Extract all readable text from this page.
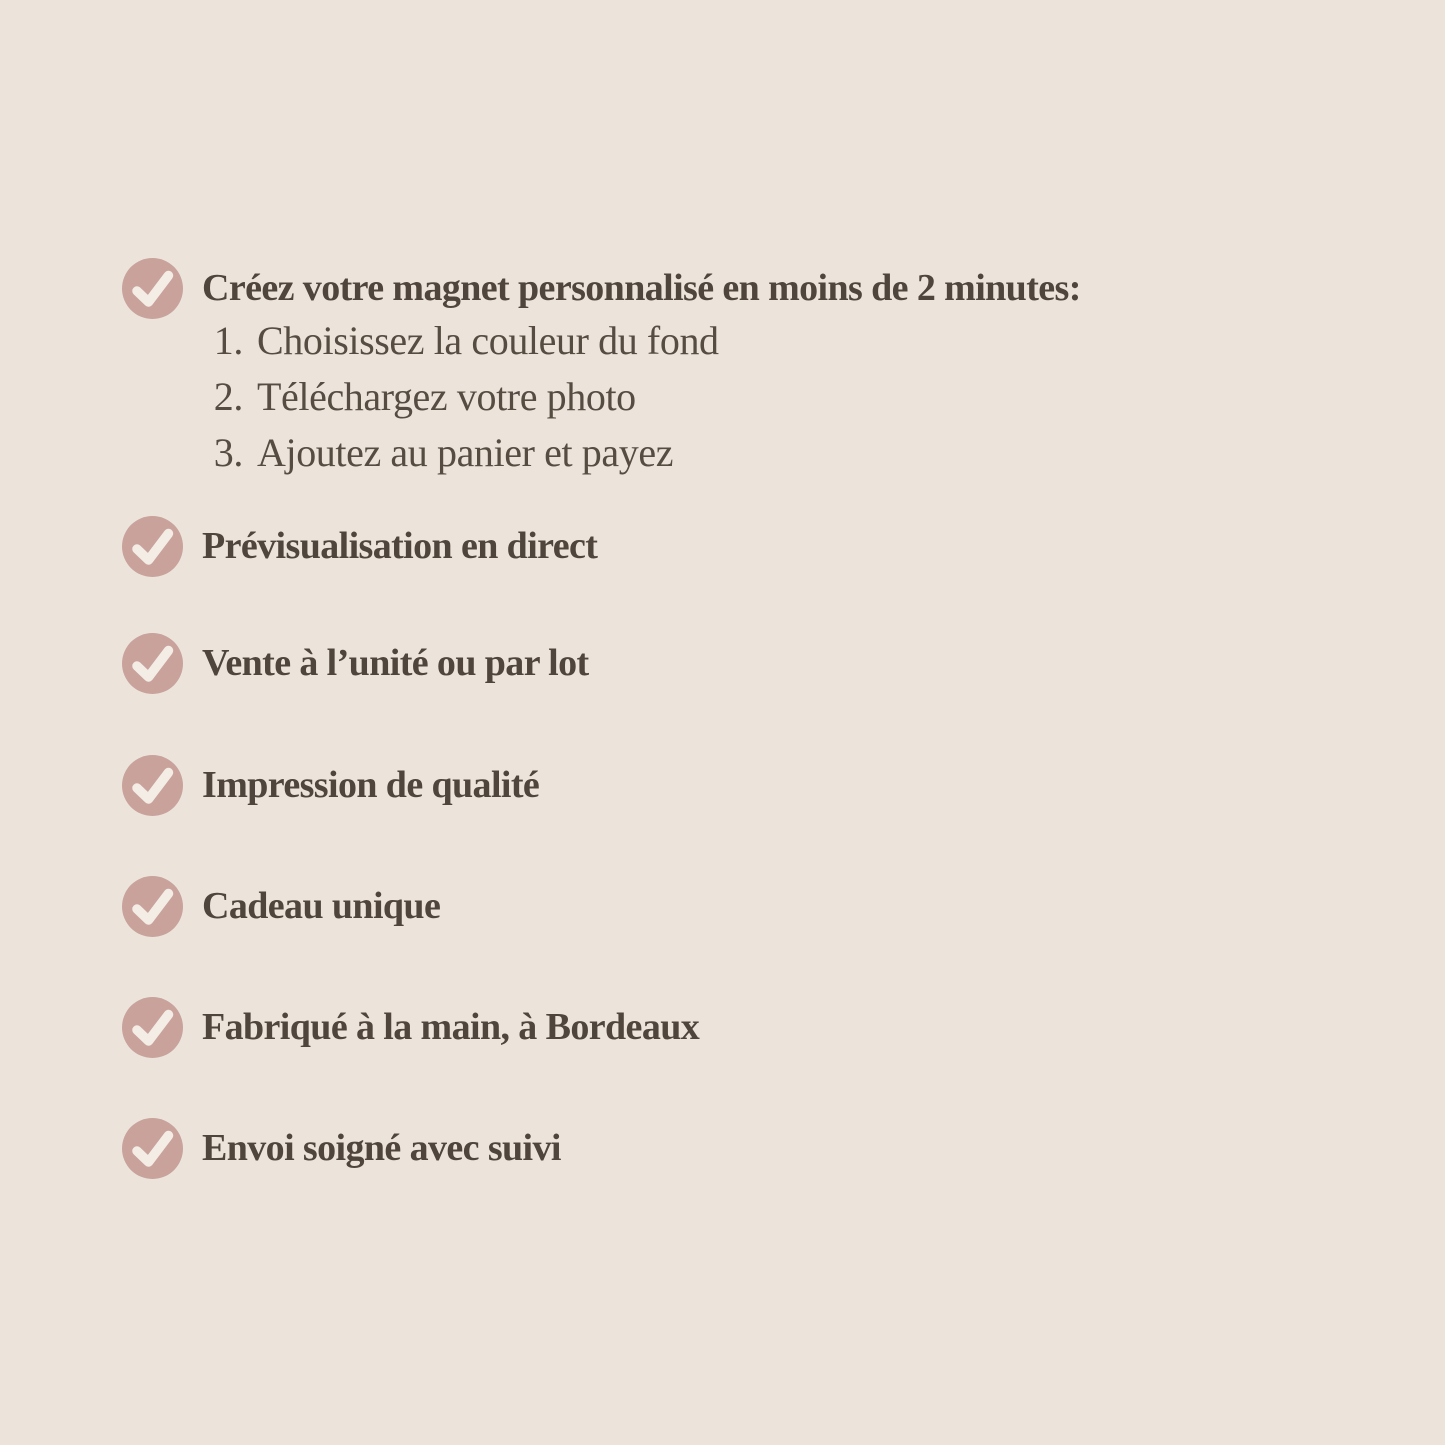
Créez votre magnet personnalisé en moins de 2 minutes:
1. Choisissez la couleur du fond
2. Téléchargez votre photo
3. Ajoutez au panier et payez
Prévisualisation en direct
Vente à l’unité ou par lot
Impression de qualité
Cadeau unique
Fabriqué à la main, à Bordeaux
Envoi soigné avec suivi
